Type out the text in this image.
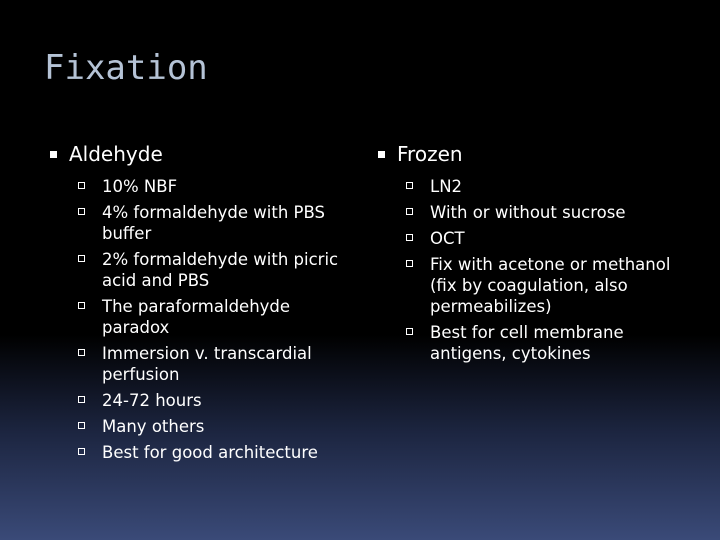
Fixation
Aldehyde
10% NBF
4% formaldehyde with PBS buffer
2% formaldehyde with picric acid and PBS
The paraformaldehyde paradox
Immersion v. transcardial perfusion
24-72 hours
Many others
Best for good architecture
Frozen
LN2
With or without sucrose
OCT
Fix with acetone or methanol (fix by coagulation, also permeabilizes)
Best for cell membrane antigens, cytokines
